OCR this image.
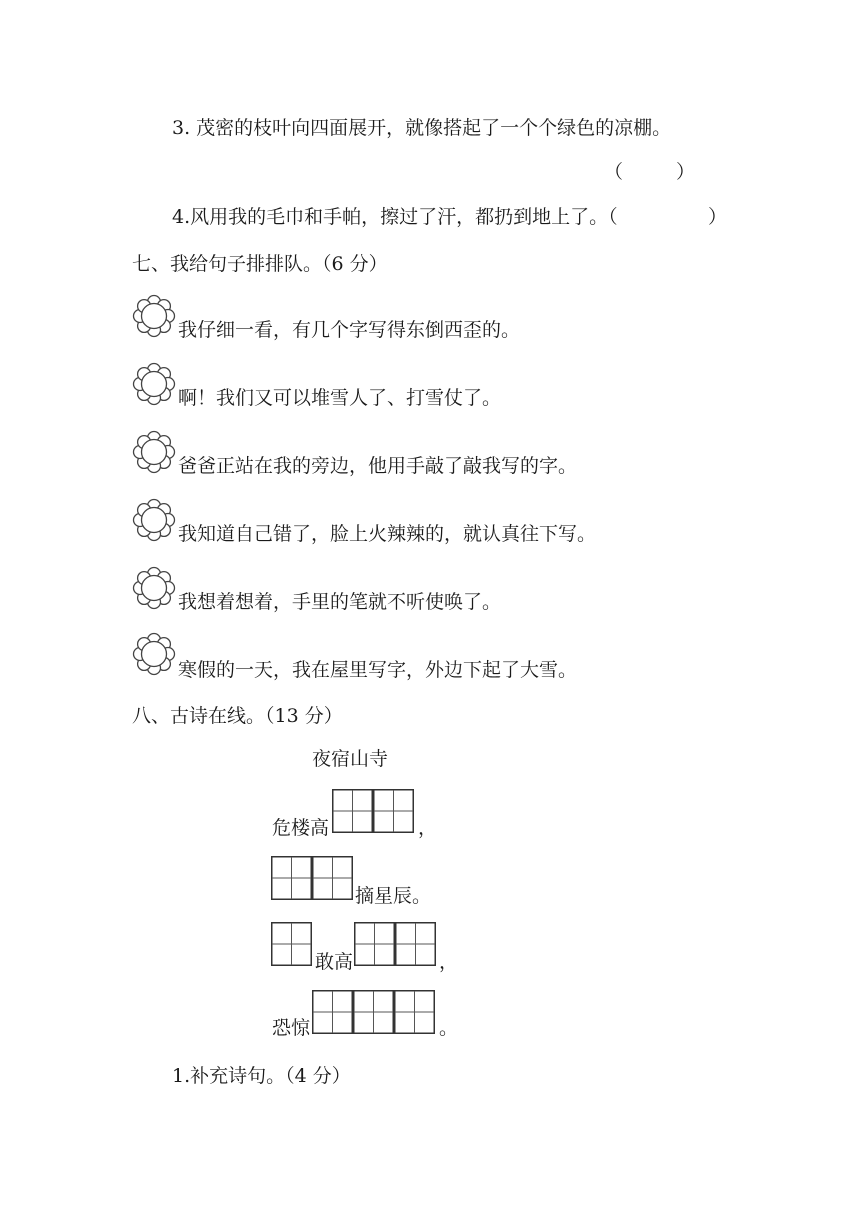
3. 茂密的枝叶向四面展开，就像搭起了一个个绿色的凉棚。
（	）
4.风用我的毛巾和手帕，擦过了汗，都扔到地上了。（	）
七、我给句子排排队。（6 分）
我仔细一看，有几个字写得东倒西歪的。
啊！我们又可以堆雪人了、打雪仗了。
爸爸正站在我的旁边，他用手敲了敲我写的字。
我知道自己错了，脸上火辣辣的，就认真往下写。
我想着想着，手里的笔就不听使唤了。
寒假的一天，我在屋里写字，外边下起了大雪。
八、古诗在线。（13 分）
夜宿山寺
危楼高	，
摘星辰。
敢高	，
恐惊	。
1.补充诗句。（4 分）
